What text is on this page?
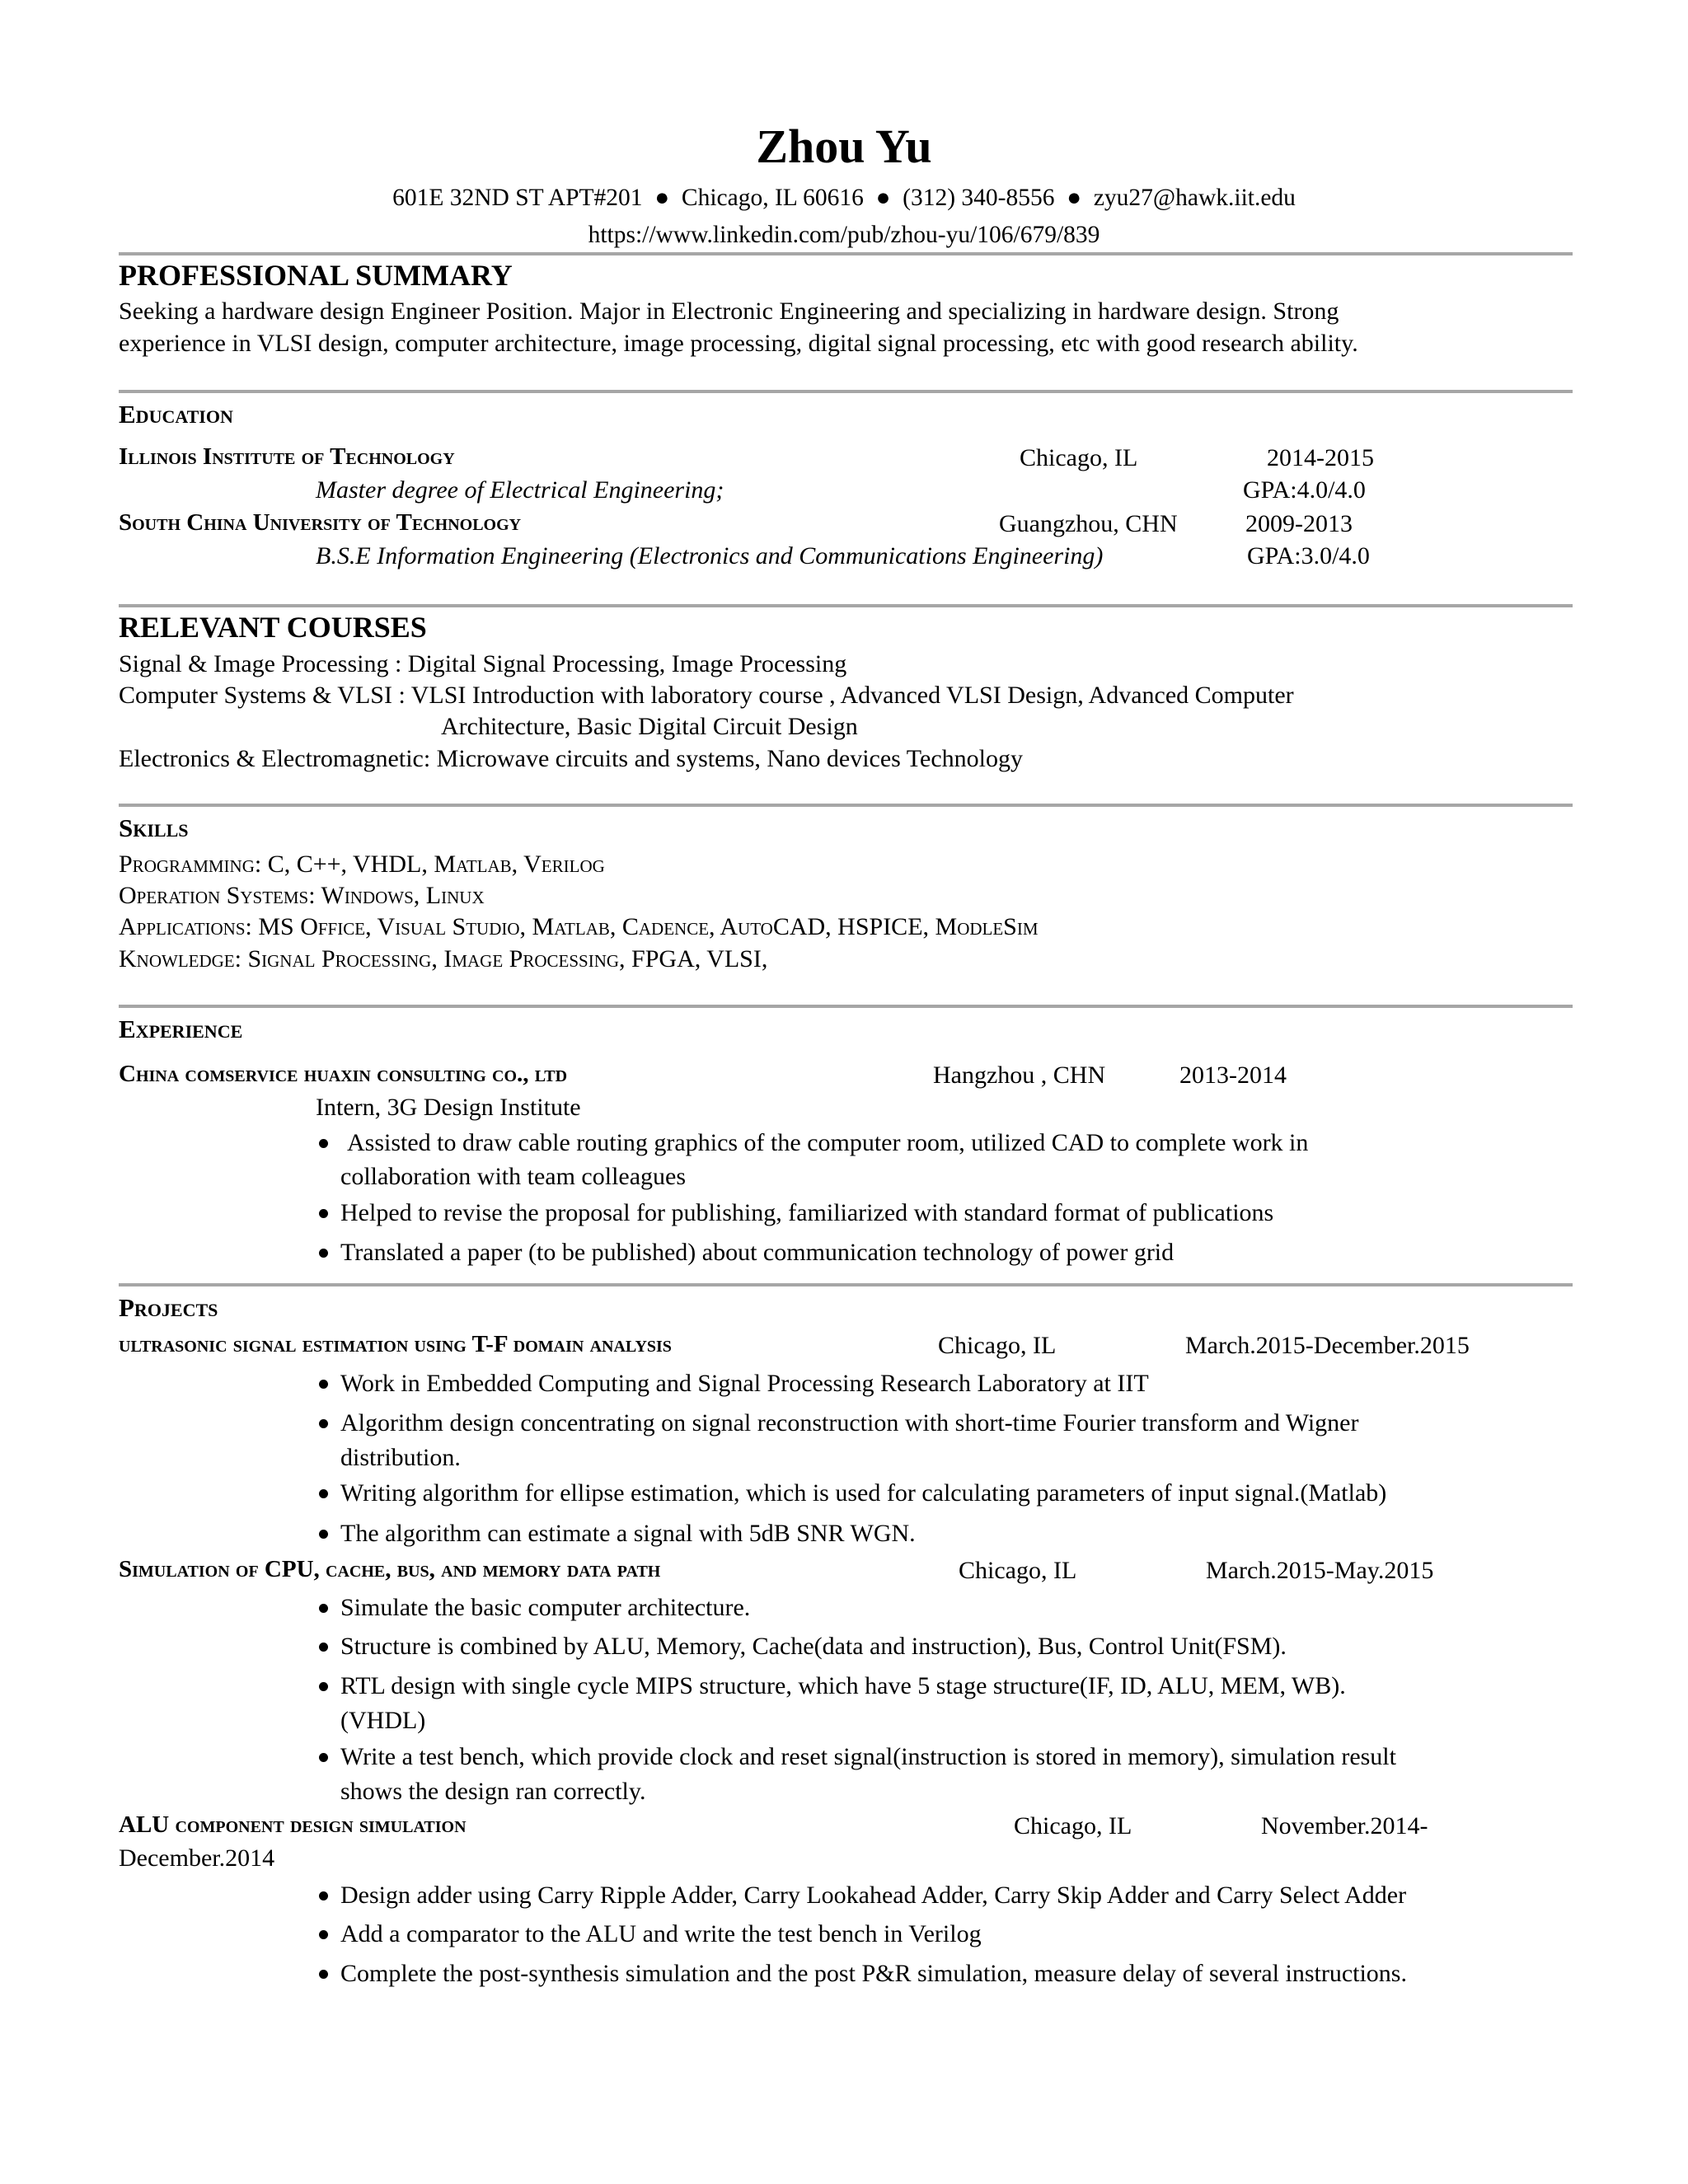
Zhou Yu
601E 32ND ST APT#201  ●  Chicago, IL 60616  ●  (312) 340-8556  ●  zyu27@hawk.iit.edu
https://www.linkedin.com/pub/zhou-yu/106/679/839
PROFESSIONAL SUMMARY
Seeking a hardware design Engineer Position. Major in Electronic Engineering and specializing in hardware design. Strong
experience in VLSI design, computer architecture, image processing, digital signal processing, etc with good research ability.
Education
Illinois Institute of Technology	Chicago, IL	2014-2015
Master degree of Electrical Engineering;	GPA:4.0/4.0
South China University of Technology	Guangzhou, CHN	2009-2013
B.S.E Information Engineering (Electronics and Communications Engineering)	GPA:3.0/4.0
RELEVANT COURSES
Signal & Image Processing : Digital Signal Processing, Image Processing
Computer Systems & VLSI : VLSI Introduction with laboratory course , Advanced VLSI Design, Advanced Computer
Architecture, Basic Digital Circuit Design
Electronics & Electromagnetic: Microwave circuits and systems, Nano devices Technology
Skills
Programming: C, C++, VHDL, Matlab, Verilog
Operation Systems: Windows, Linux
Applications: MS Office, Visual Studio, Matlab, Cadence, AutoCAD, HSPICE, ModleSim
Knowledge: Signal Processing, Image Processing, FPGA, VLSI,
Experience
China comservice huaxin consulting co., ltd	Hangzhou , CHN	2013-2014
Intern, 3G Design Institute
Assisted to draw cable routing graphics of the computer room, utilized CAD to complete work in
collaboration with team colleagues
Helped to revise the proposal for publishing, familiarized with standard format of publications
Translated a paper (to be published) about communication technology of power grid
Projects
ultrasonic signal estimation using T-F domain analysis	Chicago, IL	March.2015-December.2015
Work in Embedded Computing and Signal Processing Research Laboratory at IIT
Algorithm design concentrating on signal reconstruction with short-time Fourier transform and Wigner
distribution.
Writing algorithm for ellipse estimation, which is used for calculating parameters of input signal.(Matlab)
The algorithm can estimate a signal with 5dB SNR WGN.
Simulation of CPU, cache, bus, and memory data path	Chicago, IL	March.2015-May.2015
Simulate the basic computer architecture.
Structure is combined by ALU, Memory, Cache(data and instruction), Bus, Control Unit(FSM).
RTL design with single cycle MIPS structure, which have 5 stage structure(IF, ID, ALU, MEM, WB).
(VHDL)
Write a test bench, which provide clock and reset signal(instruction is stored in memory), simulation result
shows the design ran correctly.
ALU component design simulation	Chicago, IL	November.2014-
December.2014
Design adder using Carry Ripple Adder, Carry Lookahead Adder, Carry Skip Adder and Carry Select Adder
Add a comparator to the ALU and write the test bench in Verilog
Complete the post-synthesis simulation and the post P&R simulation, measure delay of several instructions.
